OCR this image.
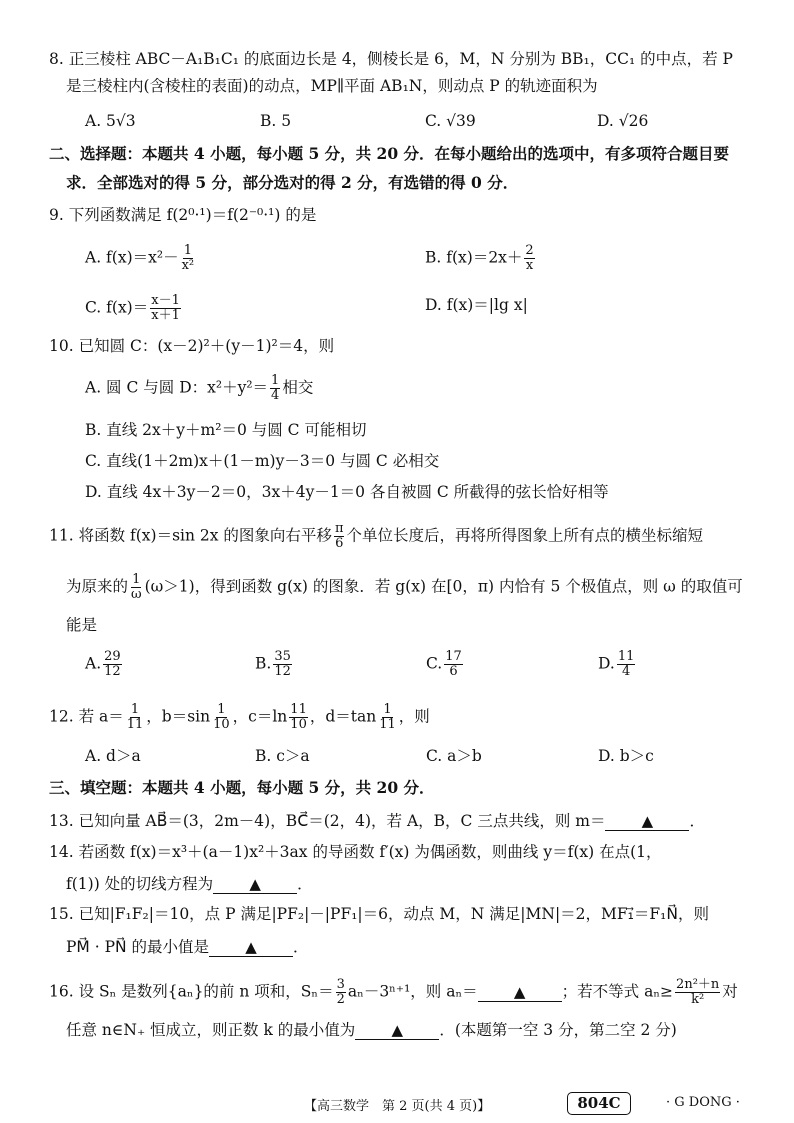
8. 正三棱柱 ABC－A₁B₁C₁ 的底面边长是 4，侧棱长是 6，M，N 分别为 BB₁，CC₁ 的中点，若 P
是三棱柱内(含棱柱的表面)的动点，MP∥平面 AB₁N，则动点 P 的轨迹面积为
A. 5√3	B. 5	C. √39	D. √26
二、选择题：本题共 4 小题，每小题 5 分，共 20 分．在每小题给出的选项中，有多项符合题目要
求．全部选对的得 5 分，部分选对的得 2 分，有选错的得 0 分．
9. 下列函数满足 f(2⁰·¹)＝f(2⁻⁰·¹) 的是
A. $f(x)=x^2- \frac{1}{\text{x²}}$	B. $f(x)=2x+ \frac{2}{x}$
C. $f(x)= \frac{x-1}{x+1}$	D. f(x)＝|lg x|
10. 已知圆 C：(x－2)²＋(y－1)²＝4，则
A. 圆 C 与圆 D：$x^2+y^2= \frac{1}{4}$ 相交
B. 直线 2x＋y＋m²＝0 与圆 C 可能相切
C. 直线(1＋2m)x＋(1－m)y－3＝0 与圆 C 必相交
D. 直线 4x＋3y－2＝0，3x＋4y－1＝0 各自被圆 C 所截得的弦长恰好相等
11. 将函数 f(x)＝sin 2x 的图象向右平移 $\frac{\pi}{6}$ 个单位长度后，再将所得图象上所有点的横坐标缩短
为原来的 $\frac{1}{\omega} (\omega>1)$，得到函数 g(x) 的图象．若 g(x) 在[0，π) 内恰有 5 个极值点，则 ω 的取值可
能是
A. $\frac{29}{12}$	B. $\frac{35}{12}$	C. $\frac{17}{6}$	D. $\frac{11}{4}$
12. 若 $a= \frac{1}{11}$ ，$b=\sin \frac{1}{10}$ ，$c=\ln \frac{11}{10}$ ，$d=\tan \frac{1}{11}$ ，则
A. d＞a	B. c＞a	C. a＞b	D. b＞c
三、填空题：本题共 4 小题，每小题 5 分，共 20 分．
13. 已知向量 AB⃗＝(3，2m－4)，BC⃗＝(2，4)，若 A，B，C 三点共线，则 m＝ ▲ ．
14. 若函数 f(x)＝x³＋(a－1)x²＋3ax 的导函数 f′(x) 为偶函数，则曲线 y＝f(x) 在点(1，
f(1)) 处的切线方程为 ▲ ．
15. 已知|F₁F₂|＝10，点 P 满足|PF₂|－|PF₁|＝6，动点 M，N 满足|MN|＝2，MF₁⃗＝F₁N⃗，则
PM⃗ · PN⃗ 的最小值是 ▲ ．
16. 设 Sₙ 是数列{aₙ}的前 n 项和，$S_n= \frac{3}{2} a_n-3^{n+1}$，则 aₙ＝ ▲ ；若不等式 $a_n\ge \frac{\text{2n²＋n}}{\text{k²}}$ 对
任意 n∈N₊ 恒成立，则正数 k 的最小值为 ▲ ．(本题第一空 3 分，第二空 2 分)
【高三数学　第 2 页(共 4 页)】	804C	· G DONG ·
